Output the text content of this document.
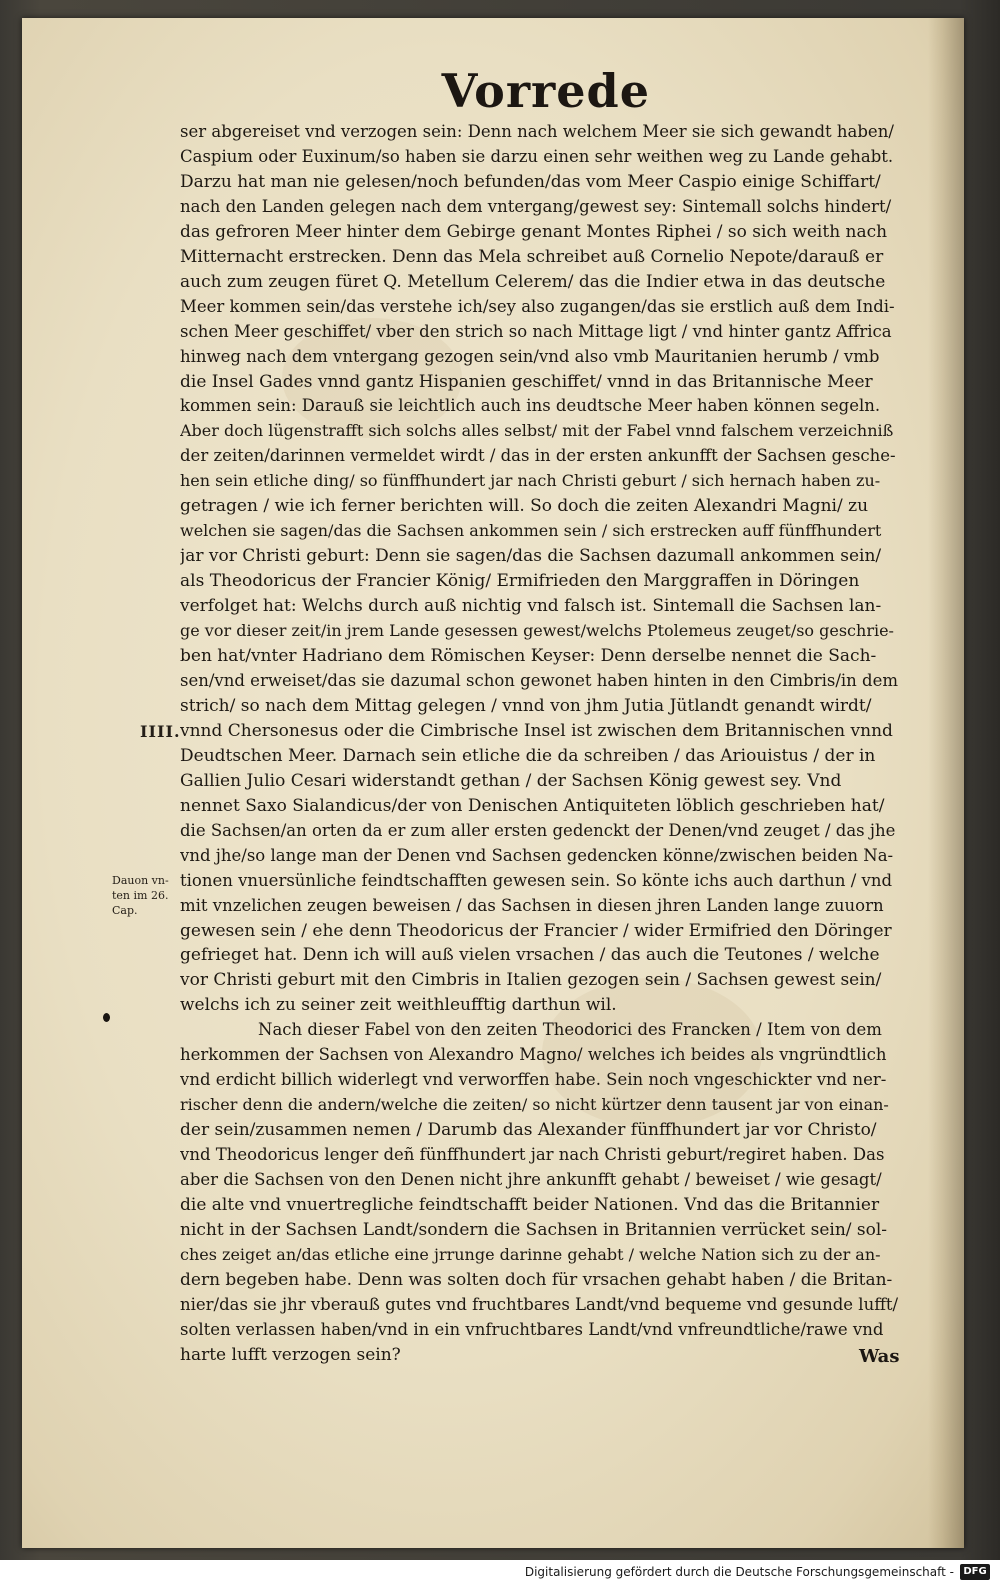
Vorrede
ser abgereiset vnd verzogen sein: Denn nach welchem Meer sie sich gewandt haben/
Caspium oder Euxinum/so haben sie darzu einen sehr weithen weg zu Lande gehabt.
Darzu hat man nie gelesen/noch befunden/das vom Meer Caspio einige Schiffart/
nach den Landen gelegen nach dem vntergang/gewest sey: Sintemall solchs hindert/
das gefroren Meer hinter dem Gebirge genant Montes Riphei / so sich weith nach
Mitternacht erstrecken. Denn das Mela schreibet auß Cornelio Nepote/darauß er
auch zum zeugen füret Q. Metellum Celerem/ das die Indier etwa in das deutsche
Meer kommen sein/das verstehe ich/sey also zugangen/das sie erstlich auß dem Indi-
schen Meer geschiffet/ vber den strich so nach Mittage ligt / vnd hinter gantz Affrica
hinweg nach dem vntergang gezogen sein/vnd also vmb Mauritanien herumb / vmb
die Insel Gades vnnd gantz Hispanien geschiffet/ vnnd in das Britannische Meer
kommen sein: Darauß sie leichtlich auch ins deudtsche Meer haben können segeln.
Aber doch lügenstrafft sich solchs alles selbst/ mit der Fabel vnnd falschem verzeichniß
der zeiten/darinnen vermeldet wirdt / das in der ersten ankunfft der Sachsen gesche-
hen sein etliche ding/ so fünffhundert jar nach Christi geburt / sich hernach haben zu-
getragen / wie ich ferner berichten will. So doch die zeiten Alexandri Magni/ zu
welchen sie sagen/das die Sachsen ankommen sein / sich erstrecken auff fünffhundert
jar vor Christi geburt: Denn sie sagen/das die Sachsen dazumall ankommen sein/
als Theodoricus der Francier König/ Ermifrieden den Marggraffen in Döringen
verfolget hat: Welchs durch auß nichtig vnd falsch ist. Sintemall die Sachsen lan-
ge vor dieser zeit/in jrem Lande gesessen gewest/welchs Ptolemeus zeuget/so geschrie-
ben hat/vnter Hadriano dem Römischen Keyser: Denn derselbe nennet die Sach-
sen/vnd erweiset/das sie dazumal schon gewonet haben hinten in den Cimbris/in dem
strich/ so nach dem Mittag gelegen / vnnd von jhm Jutia Jütlandt genandt wirdt/
vnnd Chersonesus oder die Cimbrische Insel ist zwischen dem Britannischen vnnd
Deudtschen Meer. Darnach sein etliche die da schreiben / das Ariouistus / der in
Gallien Julio Cesari widerstandt gethan / der Sachsen König gewest sey. Vnd
nennet Saxo Sialandicus/der von Denischen Antiquiteten löblich geschrieben hat/
die Sachsen/an orten da er zum aller ersten gedenckt der Denen/vnd zeuget / das jhe
vnd jhe/so lange man der Denen vnd Sachsen gedencken könne/zwischen beiden Na-
tionen vnuersünliche feindtschafften gewesen sein. So könte ichs auch darthun / vnd
mit vnzelichen zeugen beweisen / das Sachsen in diesen jhren Landen lange zuuorn
gewesen sein / ehe denn Theodoricus der Francier / wider Ermifried den Döringer
gefrieget hat. Denn ich will auß vielen vrsachen / das auch die Teutones / welche
vor Christi geburt mit den Cimbris in Italien gezogen sein / Sachsen gewest sein/
welchs ich zu seiner zeit weithleufftig darthun wil.
Nach dieser Fabel von den zeiten Theodorici des Francken / Item von dem
herkommen der Sachsen von Alexandro Magno/ welches ich beides als vngründtlich
vnd erdicht billich widerlegt vnd verworffen habe. Sein noch vngeschickter vnd ner-
rischer denn die andern/welche die zeiten/ so nicht kürtzer denn tausent jar von einan-
der sein/zusammen nemen / Darumb das Alexander fünffhundert jar vor Christo/
vnd Theodoricus lenger deñ fünffhundert jar nach Christi geburt/regiret haben. Das
aber die Sachsen von den Denen nicht jhre ankunfft gehabt / beweiset / wie gesagt/
die alte vnd vnuertregliche feindtschafft beider Nationen. Vnd das die Britannier
nicht in der Sachsen Landt/sondern die Sachsen in Britannien verrücket sein/ sol-
ches zeiget an/das etliche eine jrrunge darinne gehabt / welche Nation sich zu der an-
dern begeben habe. Denn was solten doch für vrsachen gehabt haben / die Britan-
nier/das sie jhr vberauß gutes vnd fruchtbares Landt/vnd bequeme vnd gesunde lufft/
solten verlassen haben/vnd in ein vnfruchtbares Landt/vnd vnfreundtliche/rawe vnd
harte lufft verzogen sein?
IIII.
Dauon vn-
ten im 26.
Cap.
Was
Digitalisierung gefördert durch die Deutsche Forschungsgemeinschaft - DFG
